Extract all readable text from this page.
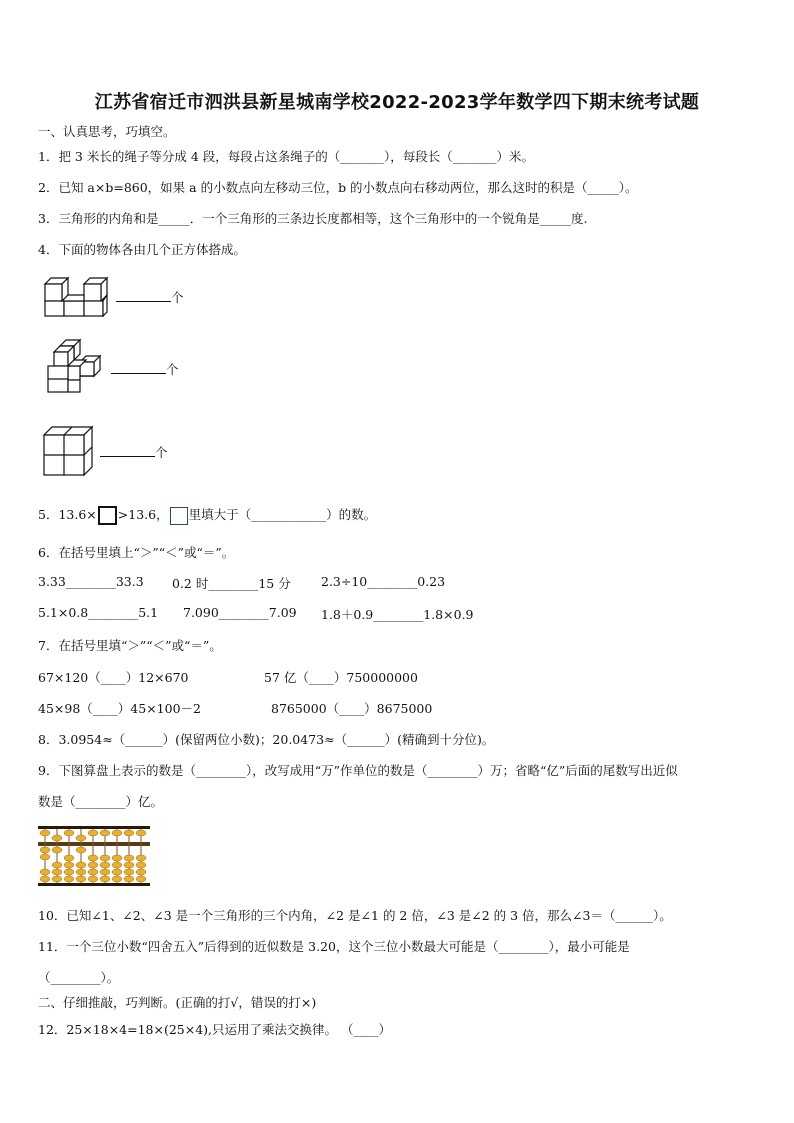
江苏省宿迁市泗洪县新星城南学校2022-2023学年数学四下期末统考试题
一、认真思考，巧填空。
1．把 3 米长的绳子等分成 4 段，每段占这条绳子的（_______），每段长（_______）米。
2．已知 a×b=860，如果 a 的小数点向左移动三位，b 的小数点向右移动两位，那么这时的积是（_____）。
3．三角形的内角和是_____．一个三角形的三条边长度都相等，这个三角形中的一个锐角是_____度.
4．下面的物体各由几个正方体搭成。
个
个
个
5．13.6× >13.6， 里填大于（____________）的数。
6．在括号里填上“＞”“＜”或“＝”。
3.33________33.3 0.2 时________15 分 2.3÷10________0.23
5.1×0.8________5.1 7.090________7.09 1.8＋0.9________1.8×0.9
7．在括号里填“＞”“＜”或“＝”。
67×120（____）12×670	57 亿（____）750000000
45×98（____）45×100－2	8765000（____）8675000
8．3.0954≈（______）(保留两位小数)；20.0473≈（______）(精确到十分位)。
9．下图算盘上表示的数是（________），改写成用“万”作单位的数是（________）万；省略“亿”后面的尾数写出近似
数是（________）亿。
10．已知∠1、∠2、∠3 是一个三角形的三个内角，∠2 是∠1 的 2 倍，∠3 是∠2 的 3 倍，那么∠3＝（______）。
11．一个三位小数“四舍五入”后得到的近似数是 3.20，这个三位小数最大可能是（________），最小可能是
（________）。
二、仔细推敲，巧判断。(正确的打√，错误的打×)
12．25×18×4=18×(25×4),只运用了乘法交换律。 （____）
